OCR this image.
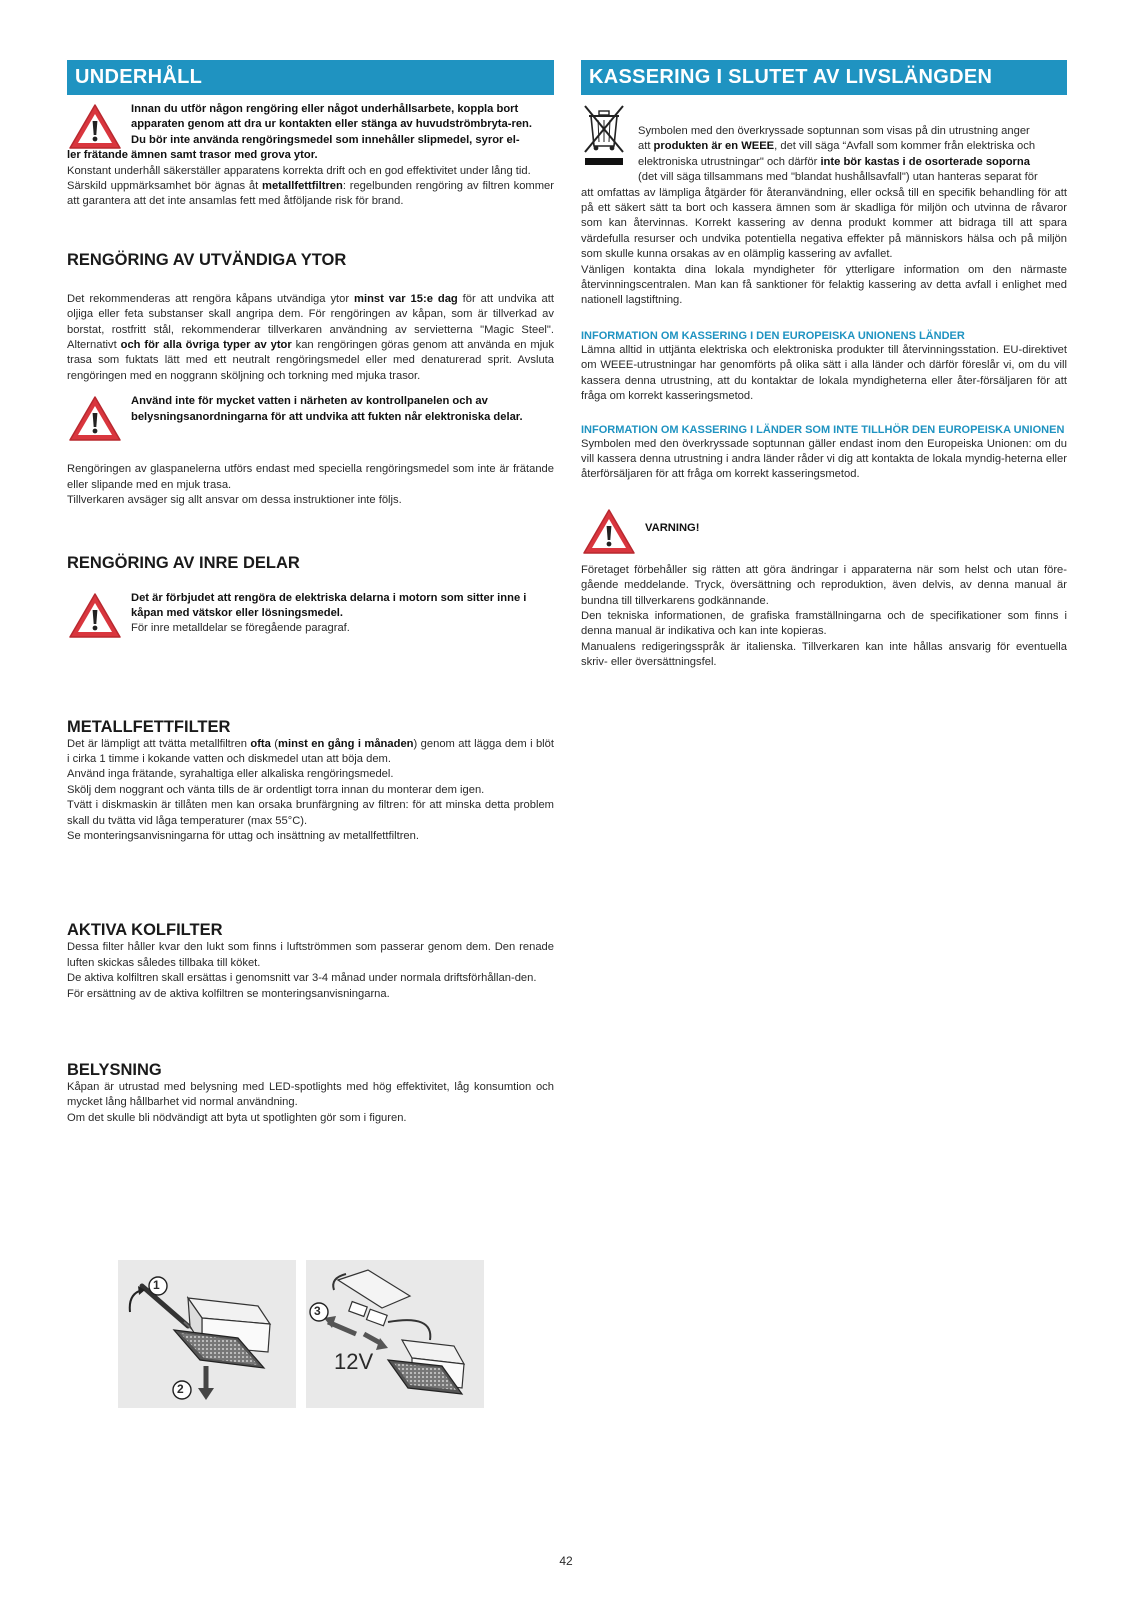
UNDERHÅLL

Innan du utför någon rengöring eller något underhållsarbete, koppla bort apparaten genom att dra ur kontakten eller stänga av huvudströmbryta-ren.

Du bör inte använda rengöringsmedel som innehåller slipmedel, syror el-

ler frätande ämnen samt trasor med grova ytor.

Konstant underhåll säkerställer apparatens korrekta drift och en god effektivitet under lång tid.

Särskild uppmärksamhet bör ägnas åt metallfettfiltren: regelbunden rengöring av filtren kommer att garantera att det inte ansamlas fett med åtföljande risk för brand.

RENGÖRING AV UTVÄNDIGA YTOR

Det rekommenderas att rengöra kåpans utvändiga ytor minst var 15:e dag för att undvika att oljiga eller feta substanser skall angripa dem. För rengöringen av kåpan, som är tillverkad av borstat, rostfritt stål, rekommenderar tillverkaren användning av servietterna "Magic Steel". Alternativt och för alla övriga typer av ytor kan rengöringen göras genom att använda en mjuk trasa som fuktats lätt med ett neutralt rengöringsmedel eller med denaturerad sprit. Avsluta rengöringen med en noggrann sköljning och torkning med mjuka trasor.

Använd inte för mycket vatten i närheten av kontrollpanelen och av belysningsanordningarna för att undvika att fukten når elektroniska delar.

Rengöringen av glaspanelerna utförs endast med speciella rengöringsmedel som inte är frätande eller slipande med en mjuk trasa.

Tillverkaren avsäger sig allt ansvar om dessa instruktioner inte följs.

RENGÖRING AV INRE DELAR

Det är förbjudet att rengöra de elektriska delarna i motorn som sitter inne i kåpan med vätskor eller lösningsmedel.

För inre metalldelar se föregående paragraf.

METALLFETTFILTER

Det är lämpligt att tvätta metallfiltren ofta (minst en gång i månaden) genom att lägga dem i blöt i cirka 1 timme i kokande vatten och diskmedel utan att böja dem.

Använd inga frätande, syrahaltiga eller alkaliska rengöringsmedel.

Skölj dem noggrant och vänta tills de är ordentligt torra innan du monterar dem igen.

Tvätt i diskmaskin är tillåten men kan orsaka brunfärgning av filtren: för att minska detta problem skall du tvätta vid låga temperaturer (max 55°C).

Se monteringsanvisningarna för uttag och insättning av metallfettfiltren.

AKTIVA KOLFILTER

Dessa filter håller kvar den lukt som finns i luftströmmen som passerar genom dem. Den renade luften skickas således tillbaka till köket.

De aktiva kolfiltren skall ersättas i genomsnitt var 3-4 månad under normala driftsförhållan-den.

För ersättning av de aktiva kolfiltren se monteringsanvisningarna.

BELYSNING

Kåpan är utrustad med belysning med LED-spotlights med hög effektivitet, låg konsumtion och mycket lång hållbarhet vid normal användning.

Om det skulle bli nödvändigt att byta ut spotlighten gör som i figuren.

1
2
3
12V
KASSERING I SLUTET AV LIVSLÄNGDEN

Symbolen med den överkryssade soptunnan som visas på din utrustning anger

att produkten är en WEEE, det vill säga “Avfall som kommer från elektriska och

elektroniska utrustningar" och därför inte bör kastas i de osorterade soporna

(det vill säga tillsammans med "blandat hushållsavfall") utan hanteras separat för

att omfattas av lämpliga åtgärder för återanvändning, eller också till en specifik behandling för att på ett säkert sätt ta bort och kassera ämnen som är skadliga för miljön och utvinna de råvaror som kan återvinnas. Korrekt kassering av denna produkt kommer att bidraga till att spara värdefulla resurser och undvika potentiella negativa effekter på människors hälsa och på miljön som skulle kunna orsakas av en olämplig kassering av avfallet.

Vänligen kontakta dina lokala myndigheter för ytterligare information om den närmaste återvinningscentralen. Man kan få sanktioner för felaktig kassering av detta avfall i enlighet med nationell lagstiftning.

INFORMATION OM KASSERING I DEN EUROPEISKA UNIONENS LÄNDER

Lämna alltid in uttjänta elektriska och elektroniska produkter till återvinningsstation. EU-direktivet om WEEE-utrustningar har genomförts på olika sätt i alla länder och därför föreslår vi, om du vill kassera denna utrustning, att du kontaktar de lokala myndigheterna eller åter-försäljaren för att fråga om korrekt kasseringsmetod.

INFORMATION OM KASSERING I LÄNDER SOM INTE TILLHÖR DEN EUROPEISKA UNIONEN

Symbolen med den överkryssade soptunnan gäller endast inom den Europeiska Unionen: om du vill kassera denna utrustning i andra länder råder vi dig att kontakta de lokala myndig-heterna eller återförsäljaren för att fråga om korrekt kasseringsmetod.

VARNING!

Företaget förbehåller sig rätten att göra ändringar i apparaterna när som helst och utan före-gående meddelande. Tryck, översättning och reproduktion, även delvis, av denna manual är bundna till tillverkarens godkännande.

Den tekniska informationen, de grafiska framställningarna och de specifikationer som finns i denna manual är indikativa och kan inte kopieras.

Manualens redigeringsspråk är italienska. Tillverkaren kan inte hållas ansvarig för eventuella skriv- eller översättningsfel.

42
